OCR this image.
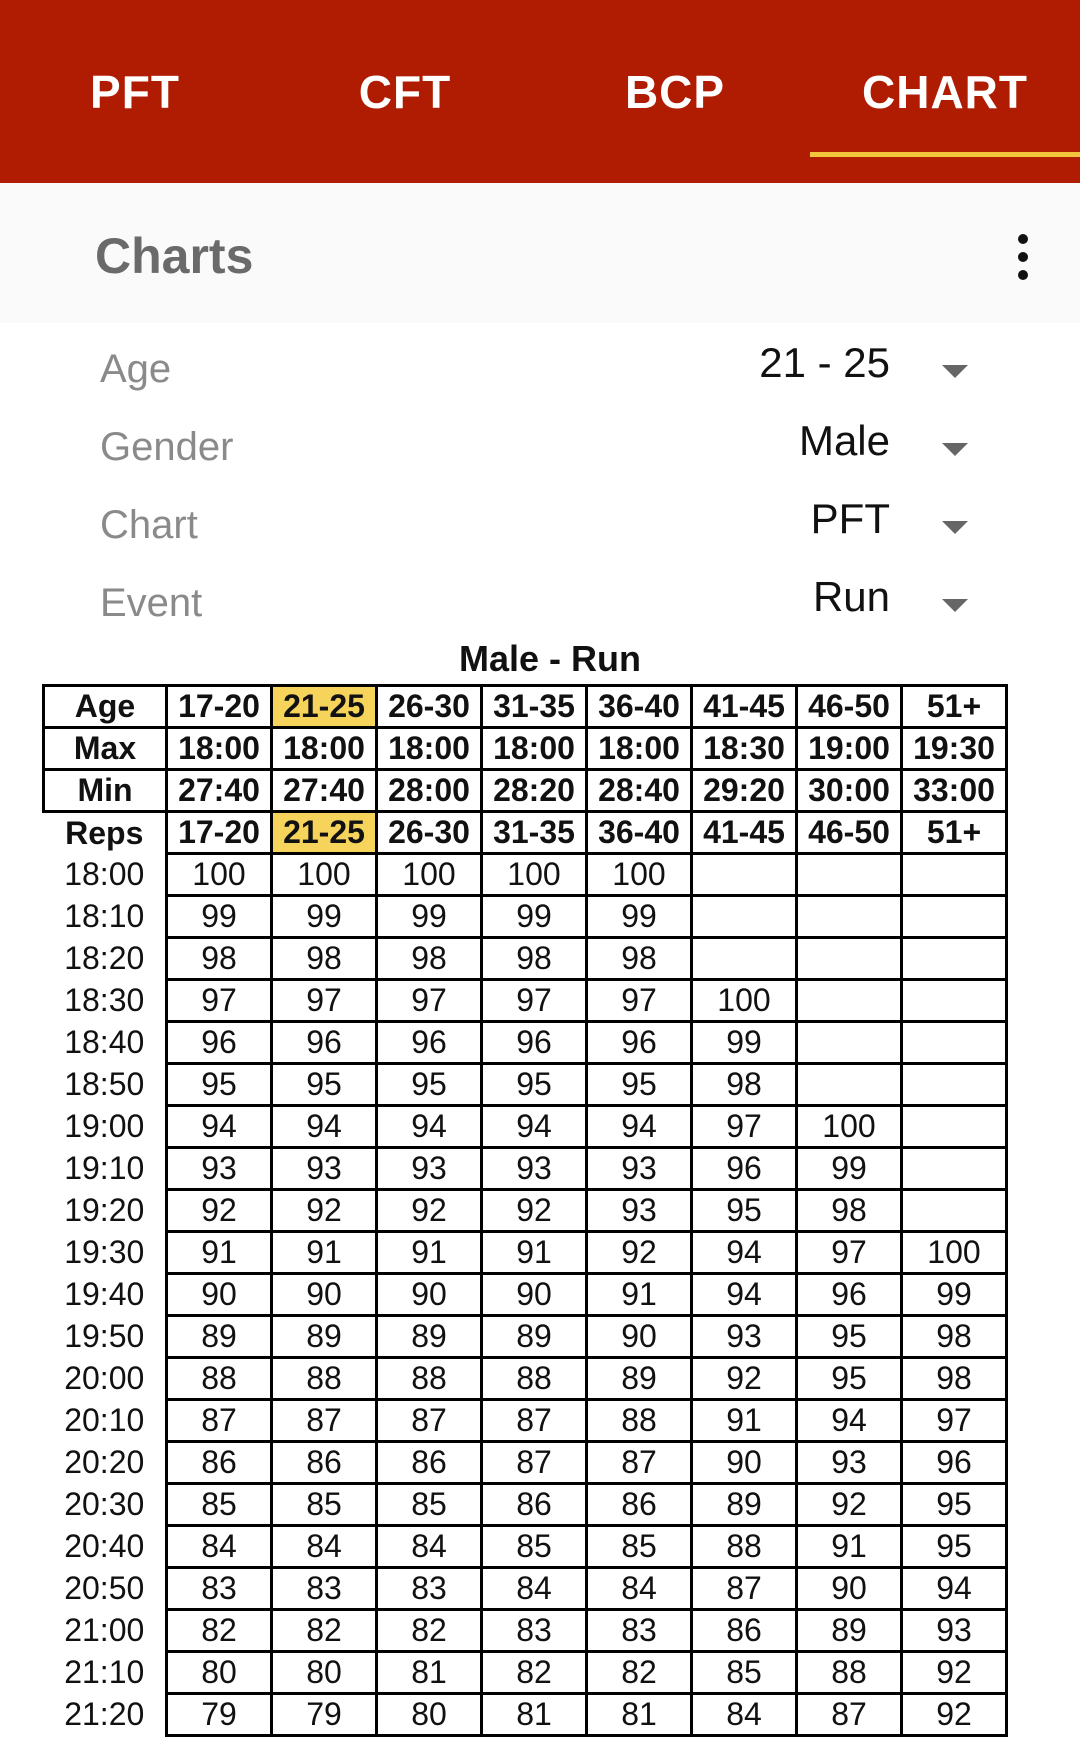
PFT	CFT	BCP	CHART
Charts
Age	21 - 25
Gender	Male
Chart	PFT
Event	Run
Male - Run
Age	17-20	21-25	26-30	31-35	36-40	41-45	46-50	51+
Max	18:00	18:00	18:00	18:00	18:00	18:30	19:00	19:30
Min	27:40	27:40	28:00	28:20	28:40	29:20	30:00	33:00
Reps	17-20	21-25	26-30	31-35	36-40	41-45	46-50	51+
18:00	100	100	100	100	100			
18:10	99	99	99	99	99			
18:20	98	98	98	98	98			
18:30	97	97	97	97	97	100		
18:40	96	96	96	96	96	99		
18:50	95	95	95	95	95	98		
19:00	94	94	94	94	94	97	100	
19:10	93	93	93	93	93	96	99	
19:20	92	92	92	92	93	95	98	
19:30	91	91	91	91	92	94	97	100
19:40	90	90	90	90	91	94	96	99
19:50	89	89	89	89	90	93	95	98
20:00	88	88	88	88	89	92	95	98
20:10	87	87	87	87	88	91	94	97
20:20	86	86	86	87	87	90	93	96
20:30	85	85	85	86	86	89	92	95
20:40	84	84	84	85	85	88	91	95
20:50	83	83	83	84	84	87	90	94
21:00	82	82	82	83	83	86	89	93
21:10	80	80	81	82	82	85	88	92
21:20	79	79	80	81	81	84	87	92
